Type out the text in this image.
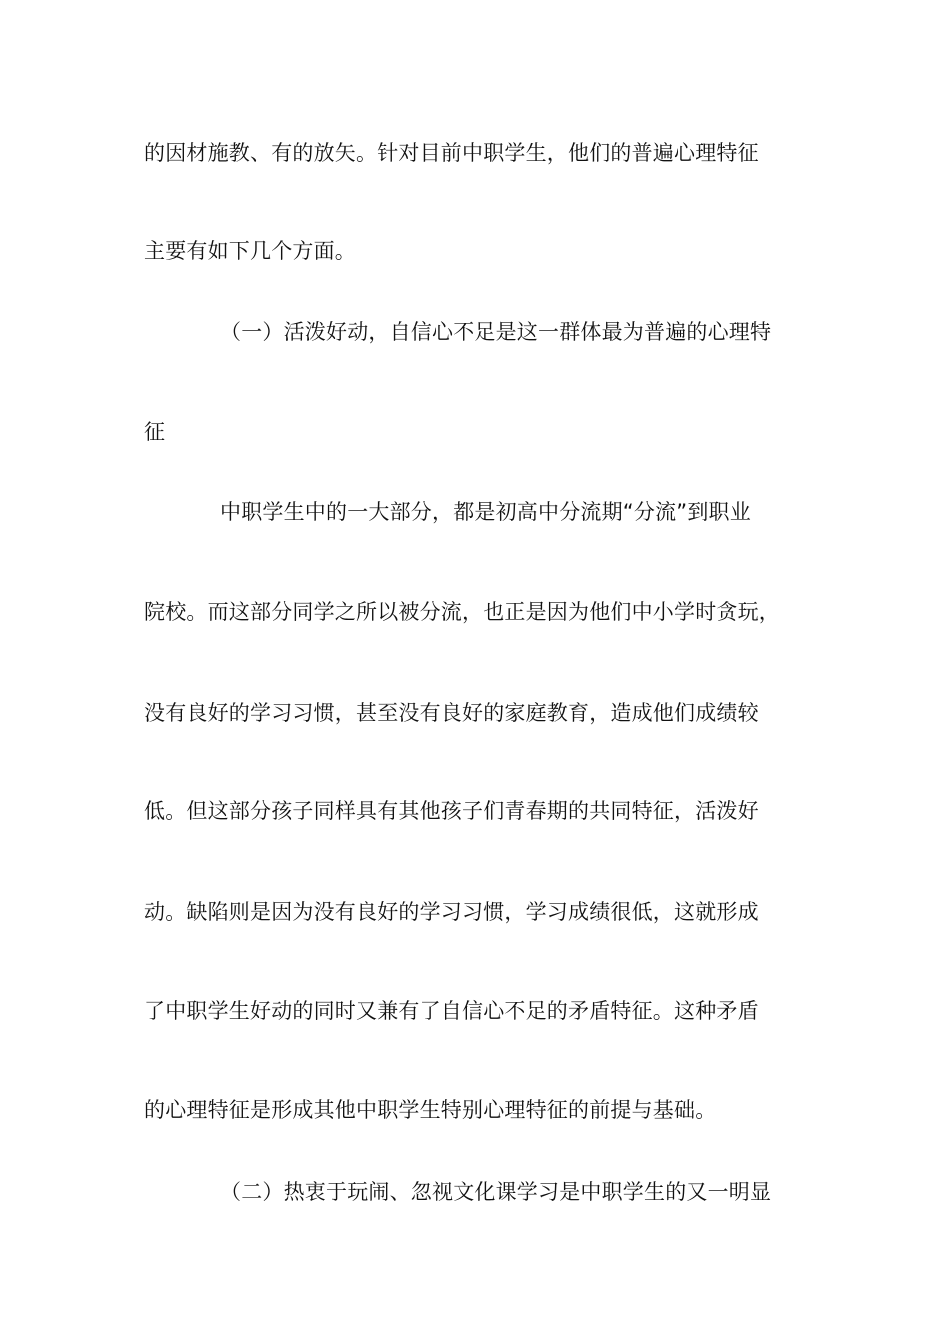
的因材施教、有的放矢。针对目前中职学生，他们的普遍心理特征
主要有如下几个方面。
（一）活泼好动，自信心不足是这一群体最为普遍的心理特
征
中职学生中的一大部分，都是初高中分流期“分流”到职业
院校。而这部分同学之所以被分流，也正是因为他们中小学时贪玩，
没有良好的学习习惯，甚至没有良好的家庭教育，造成他们成绩较
低。但这部分孩子同样具有其他孩子们青春期的共同特征，活泼好
动。缺陷则是因为没有良好的学习习惯，学习成绩很低，这就形成
了中职学生好动的同时又兼有了自信心不足的矛盾特征。这种矛盾
的心理特征是形成其他中职学生特别心理特征的前提与基础。
（二）热衷于玩闹、忽视文化课学习是中职学生的又一明显
